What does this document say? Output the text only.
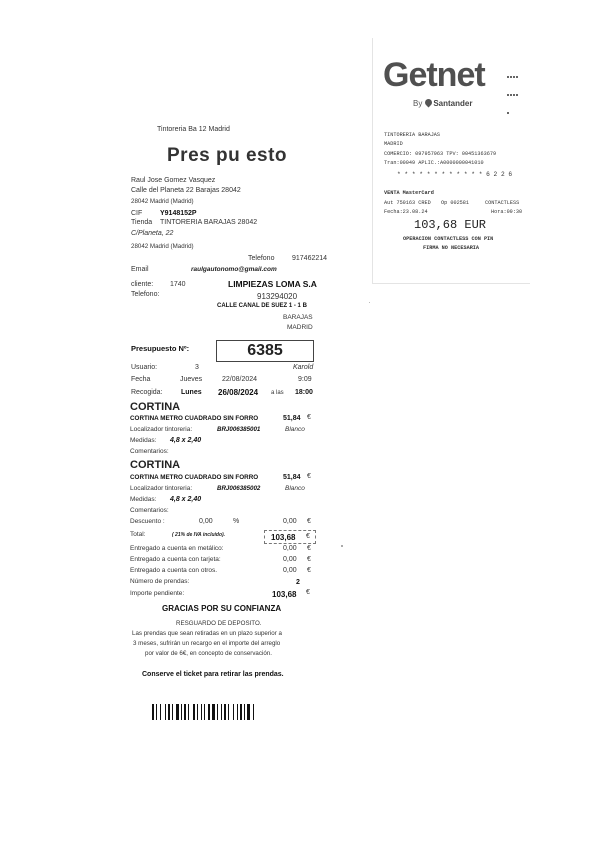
Getnet
By Santander
TINTORERIA BARAJAS
MADRID
COMERCIO: 097957963 TPV: 00451363679
Tran:00049 APLIC.:A0000000041010
* * * * * * * * * * * * 6 2 2 6
VENTA MasterCard
Aut 750163 CRED Op 002581	CONTACTLESS
Fecha:23.08.24	Hora:09:30
103,68 EUR
OPERACION CONTACTLESS CON PIN
FIRMA NO NECESARIA
Tintoreria Ba 12 Madrid
Pres pu esto
Raul Jose Gomez Vasquez
Calle del Planeta 22 Barajas 28042
28042 Madrid (Madrid)
CIF	Y9148152P
Tienda TINTORERIA BARAJAS 28042
C/Planeta, 22
28042 Madrid (Madrid)
Telefono	917462214
Email	raulgautonomo@gmail.com
cliente: 1740
Telefono:
LIMPIEZAS LOMA S.A
913294020
CALLE CANAL DE SUEZ 1 - 1 B
BARAJAS
MADRID
Presupuesto Nº:	6385
Usuario:	3	Karold
Fecha	Jueves	22/08/2024	9:09
Recogida:	Lunes 26/08/2024 a las 18:00
CORTINA
CORTINA METRO CUADRADO SIN FORRO	51,84 €
Localizador tintoreria:	BRJ006385001	Blanco
Medidas: 4,8 x 2,40
Comentarios:
CORTINA
CORTINA METRO CUADRADO SIN FORRO	51,84 €
Localizador tintoreria:	BRJ006385002	Blanco
Medidas: 4,8 x 2,40
Comentarios:
Descuento :	0,00	%	0,00 €
Total:	( 21% de IVA incluido).	103,68 €
Entregado a cuenta en metálico:	0,00 €
Entregado a cuenta con tarjeta:	0,00 €
Entregado a cuenta con otros.	0,00 €
Número de prendas:	2
Importe pendiente:	103,68 €
GRACIAS POR SU CONFIANZA
RESGUARDO DE DEPOSITO.
Las prendas que sean retiradas en un plazo superior a
3 meses, sufrirán un recargo en el importe del arreglo
por valor de 6€, en concepto de conservación.
Conserve el ticket para retirar las prendas.
